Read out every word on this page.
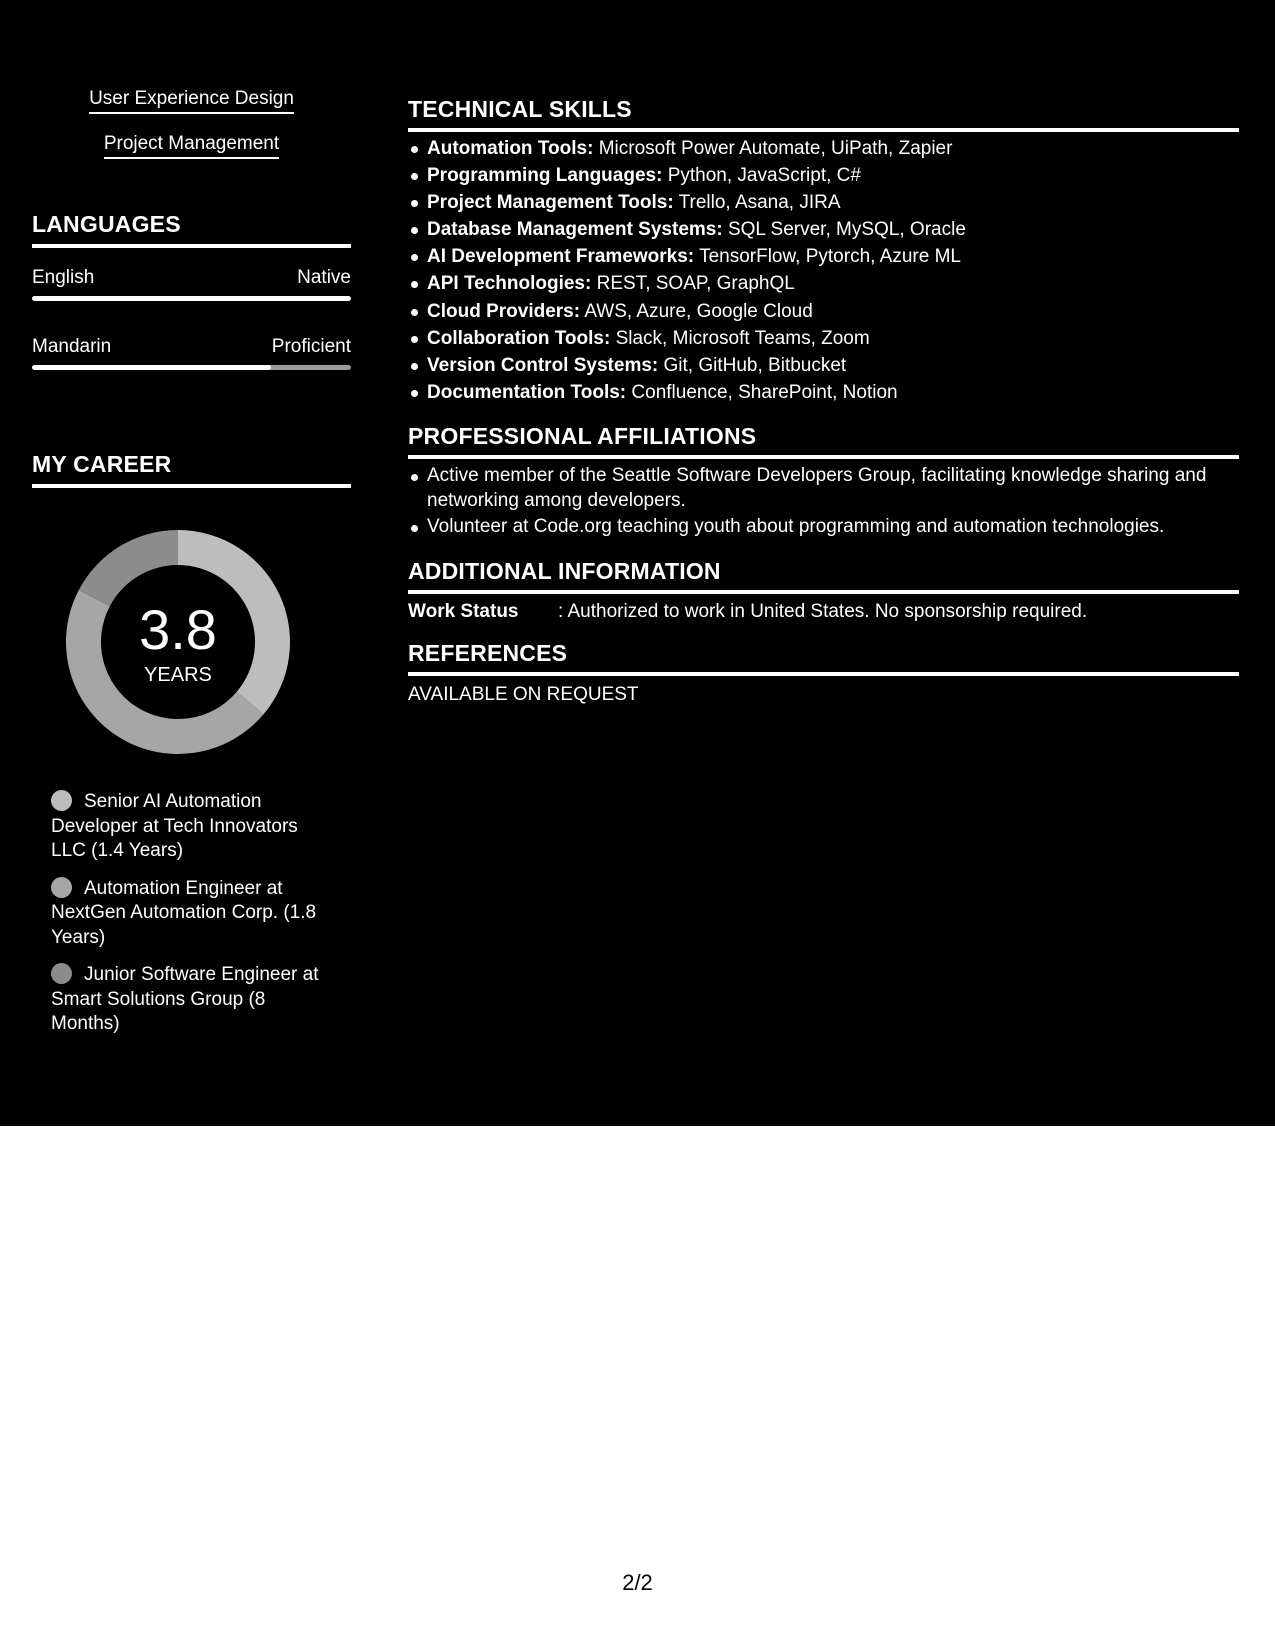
User Experience Design
Project Management
LANGUAGES
English	Native
Mandarin	Proficient
MY CAREER
3.8
YEARS
Senior AI Automation Developer at Tech Innovators LLC (1.4 Years)
Automation Engineer at NextGen Automation Corp. (1.8 Years)
Junior Software Engineer at Smart Solutions Group (8 Months)
TECHNICAL SKILLS
Automation Tools: Microsoft Power Automate, UiPath, Zapier
Programming Languages: Python, JavaScript, C#
Project Management Tools: Trello, Asana, JIRA
Database Management Systems: SQL Server, MySQL, Oracle
AI Development Frameworks: TensorFlow, Pytorch, Azure ML
API Technologies: REST, SOAP, GraphQL
Cloud Providers: AWS, Azure, Google Cloud
Collaboration Tools: Slack, Microsoft Teams, Zoom
Version Control Systems: Git, GitHub, Bitbucket
Documentation Tools: Confluence, SharePoint, Notion
PROFESSIONAL AFFILIATIONS
Active member of the Seattle Software Developers Group, facilitating knowledge sharing and networking among developers.
Volunteer at Code.org teaching youth about programming and automation technologies.
ADDITIONAL INFORMATION
Work Status : Authorized to work in United States. No sponsorship required.
REFERENCES
AVAILABLE ON REQUEST
2/2
